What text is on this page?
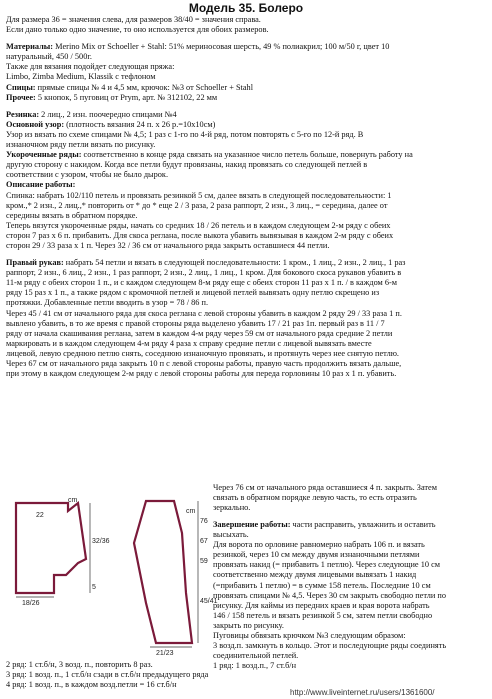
Модель 35. Болеро

Для размера 36 = значения слева, для размеров 38/40 = значения справа.

Если дано только одно значение, то оно используется для обоих размеров.

Материалы: Merino Mix от Schoeller + Stahl: 51% мериносовая шерсть, 49 % полиакрил; 100 м/50 г, цвет 10

натуральный, 450 / 500г.

Также для вязания подойдет следующая пряжа:

Limbo, Zimba Medium, Klassik с тефлоном

Спицы: прямые спицы № 4 и 4,5 мм, крючок: №3 от Schoeller + Stahl

Прочее: 5 кнопок, 5 пуговиц от Prym, арт. № 312102, 22 мм

Резинка: 2 лиц., 2 изн. поочередно спицами №4

Основной узор: (плотность вязания 24 п. х 26 р.=10х10см)

Узор из вязать по схеме спицами № 4,5; 1 раз с 1-го по 4-й ряд, потом повторять с 5-го по 12-й ряд. В

изнаночном ряду петли вязать по рисунку.

Укороченные ряды: соответственно в конце ряда связать на указанное число петель больше, повернуть работу на

другую сторону с накидом. Когда все петли будут провязаны, накид провязать со следующей петлей в

соответствии с узором, чтобы не было дырок.

Описание работы:

Спинка: набрать 102/110 петель и провязать резинкой 5 см, далее вязать в следующей последовательности: 1

кром.,* 2 изн., 2 лиц.,* повторить от * до * еще 2 / 3 раза, 2 раза раппорт, 2 изн., 3 лиц., = середина, далее от

середины вязать в обратном порядке.

Теперь вязутся укороченные ряды, начать со средних 18 / 26 петель и в каждом следующем 2-м ряду с обеих

сторон 7 раз х 6 п. прибавить. Для скоса реглана, после выкота убавить вывязывая в каждом 2-м ряду с обеих

сторон 29 / 33 раза х 1 п. Через 32 / 36 см от начального ряда закрыть оставшиеся 44 петли.

Правый рукав: набрать 54 петли и вязать в следующей последовательности: 1 кром., 1 лиц., 2 изн., 2 лиц., 1 раз

раппорт, 2 изн., 6 лиц., 2 изн., 1 раз раппорт, 2 изн., 2 лиц., 1 лиц., 1 кром. Для бокового скоса рукавов убавить в

11-м ряду с обеих сторон 1 п., и с каждом следующем 8-м ряду еще с обеих сторон 11 раз х 1 п. / в каждом 6-м

ряду 15 раз х 1 п., а также рядом с кромочной петлей и лицевой петлей вывязать одну петлю скрещено из

протяжки. Добавленные петли вводить в узор = 78 / 86 п.

Через 45 / 41 см от начального ряда для скоса реглана с левой стороны убавить в каждом 2 ряду 29 / 33 раза 1 п.

вывлено убавить, в то же время с правой стороны рядa выделено убавить 17 / 21 раз 1п. первый раз в 11 / 7

ряду от начала скашивания реглана, затем в каждом 4-м ряду через 59 см от начального ряда средние 2 петли

маркировать и в каждом следующем 4-м ряду 4 раза х справу средние петли с лицевой вывязать вместе

лицевой, левую среднюю петлю снять, соседнюю изнаночную провязать, и протянуть через нее снятую петлю.

Через 67 см от начального ряда закрыть 10 п с левой стороны работы, правую часть продолжить вязать дальше,

при этому в каждом следующем 2-м ряду с левой стороны работы для переда горловины 10 раз х 1 п. убавить.

Через 76 см от начального ряда оставшиеся 4 п. закрыть. Затем

связать в обратном порядке левую часть, то есть отразить

зеркально.

Завершение работы: части расправить, увлажнить и оставить

высыхать.

Для ворота по орловине равномерно набрать 106 п. и вязать

резинкой, через 10 см между двумя изнаночными петлями

провязать накид (= прибавить 1 петлю). Через следующие 10 см

соответственно между двумя лицевыми вывязать 1 накид

(=прибавить 1 петлю) = в сумме 158 петель. Последние 10 см

провязать спицами № 4,5. Через 30 см закрыть свободно петли по

рисунку. Для каймы из передних краев и края ворота набрать

146 / 158 петель и вязать резинкой 5 см, затем петли свободно

закрыть по рисунку.

Пуговицы обвязать крючком №3 следующим образом:

3 возд.п. замкнуть в кольцо. Этот и последующие ряды соединять

соединительной петлей.

1 ряд: 1 возд.п., 7 ст.б/н

cm
cm
22
18/26
21/23
76
67
59
32/36
45/41
5

2 ряд: 1 ст.б/н, 3 возд. п., повторить 8 раз.

3 ряд: 1 возд. п., 1 ст.б/н сзади в ст.б/н предыдущего ряда

4 ряд: 1 возд. п., в каждом возд.петли = 16 ст.б/н

http://www.liveinternet.ru/users/1361600/
